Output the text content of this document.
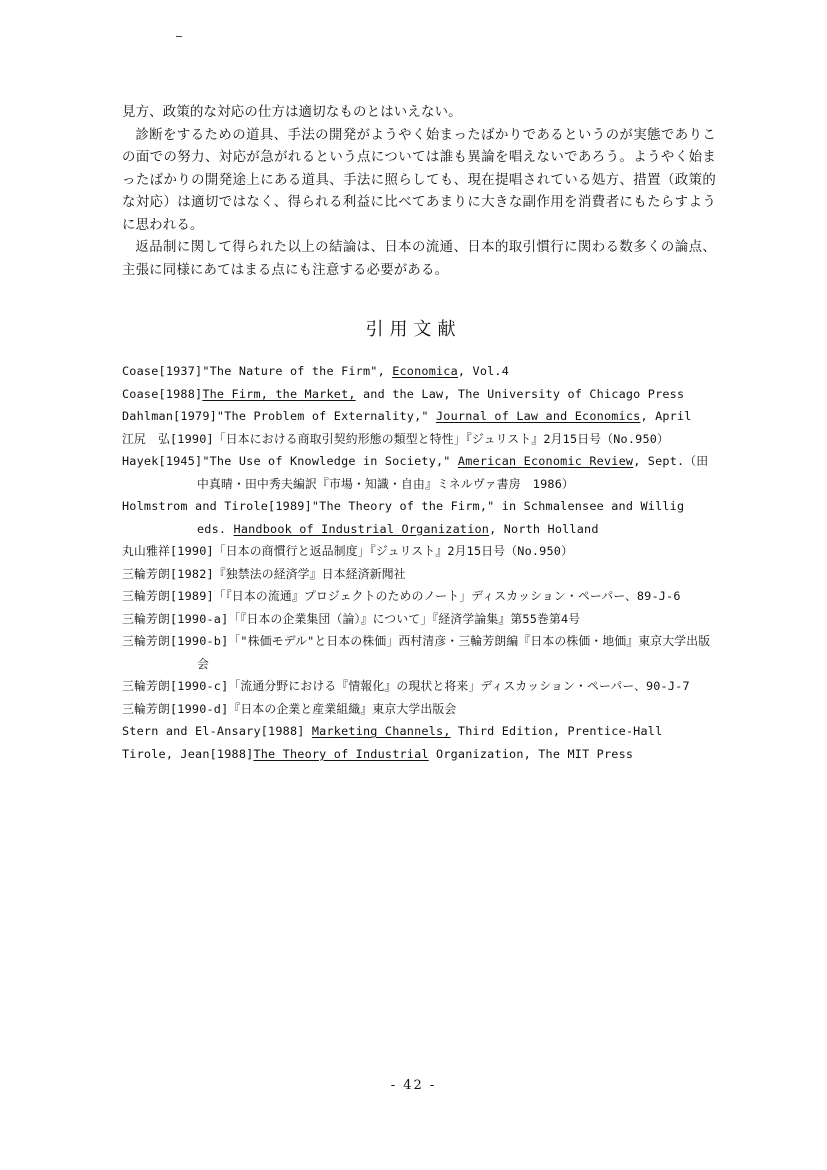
見方、政策的な対応の仕方は適切なものとはいえない。

診断をするための道具、手法の開発がようやく始まったばかりであるというのが実態でありこの面での努力、対応が急がれるという点については誰も異論を唱えないであろう。ようやく始まったばかりの開発途上にある道具、手法に照らしても、現在提唱されている処方、措置（政策的な対応）は適切ではなく、得られる利益に比べてあまりに大きな副作用を消費者にもたらすように思われる。

返品制に関して得られた以上の結論は、日本の流通、日本的取引慣行に関わる数多くの論点、主張に同様にあてはまる点にも注意する必要がある。

引用文献
Coase[1937]"The Nature of the Firm", Economica, Vol.4
Coase[1988]The Firm, the Market, and the Law, The University of Chicago Press
Dahlman[1979]"The Problem of Externality," Journal of Law and Economics, April
江尻　弘[1990]「日本における商取引契約形態の類型と特性」『ジュリスト』2月15日号（No.950）
Hayek[1945]"The Use of Knowledge in Society," American Economic Review, Sept.（田中真晴・田中秀夫編訳『市場・知識・自由』ミネルヴァ書房　1986）
Holmstrom and Tirole[1989]"The Theory of the Firm," in Schmalensee and Willig eds. Handbook of Industrial Organization, North Holland
丸山雅祥[1990]「日本の商慣行と返品制度」『ジュリスト』2月15日号（No.950）
三輪芳朗[1982]『独禁法の経済学』日本経済新聞社
三輪芳朗[1989]「『日本の流通』プロジェクトのためのノート」ディスカッション・ペーパー、89-J-6
三輪芳朗[1990-a]「『日本の企業集団（論）』について」『経済学論集』第55巻第4号
三輪芳朗[1990-b]「"株価モデル"と日本の株価」西村清彦・三輪芳朗編『日本の株価・地価』東京大学出版会
三輪芳朗[1990-c]「流通分野における『情報化』の現状と将来」ディスカッション・ペーパー、90-J-7
三輪芳朗[1990-d]『日本の企業と産業組織』東京大学出版会
Stern and El-Ansary[1988] Marketing Channels, Third Edition, Prentice-Hall
Tirole, Jean[1988]The Theory of Industrial Organization, The MIT Press
- 42 -
